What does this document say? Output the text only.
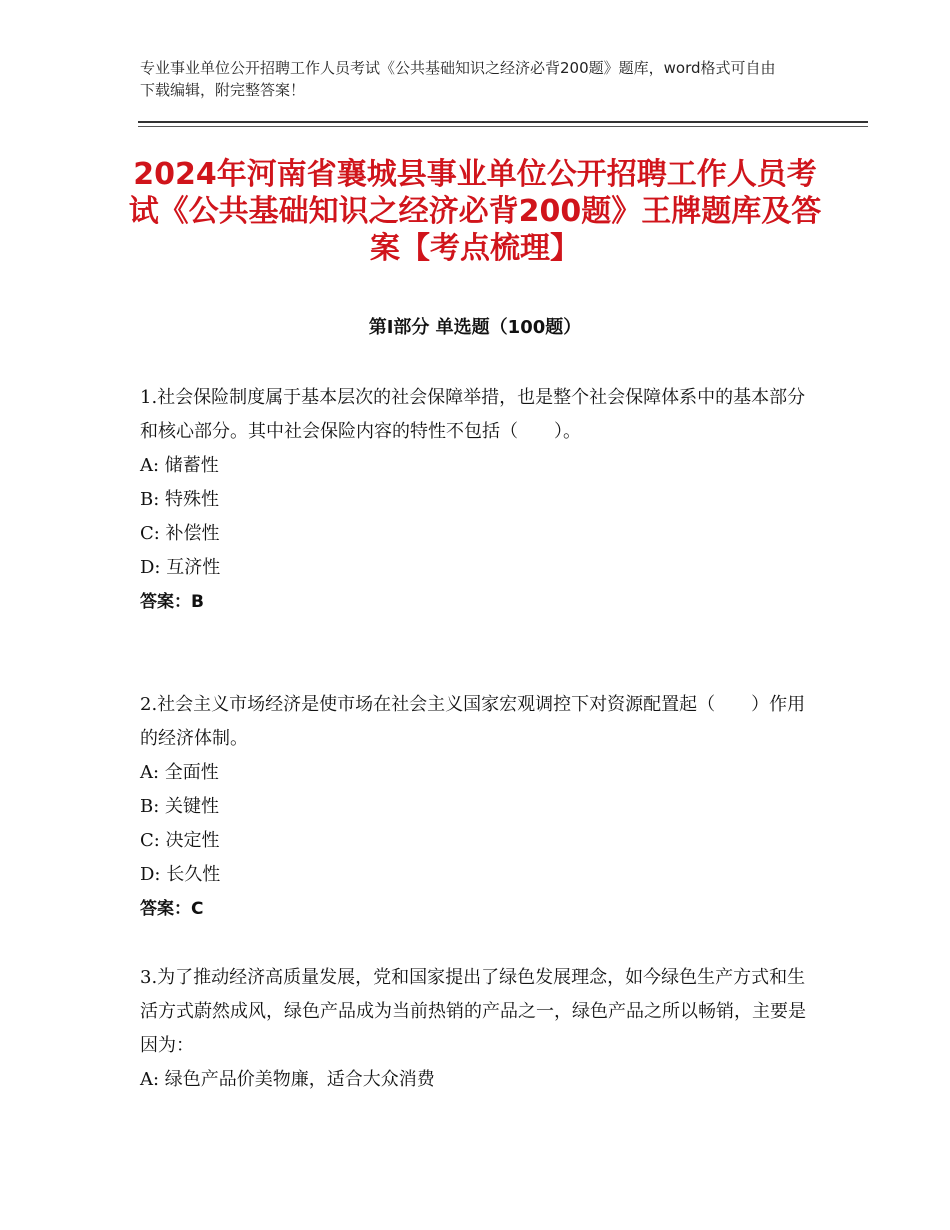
专业事业单位公开招聘工作人员考试《公共基础知识之经济必背200题》题库，word格式可自由下载编辑，附完整答案！
2024年河南省襄城县事业单位公开招聘工作人员考试《公共基础知识之经济必背200题》王牌题库及答案【考点梳理】
第Ⅰ部分 单选题（100题）

1.社会保险制度属于基本层次的社会保障举措，也是整个社会保障体系中的基本部分和核心部分。其中社会保险内容的特性不包括（　　）。

A: 储蓄性

B: 特殊性

C: 补偿性

D: 互济性

答案：B

2.社会主义市场经济是使市场在社会主义国家宏观调控下对资源配置起（　　）作用的经济体制。

A: 全面性

B: 关键性

C: 决定性

D: 长久性

答案：C

3.为了推动经济高质量发展，党和国家提出了绿色发展理念，如今绿色生产方式和生活方式蔚然成风，绿色产品成为当前热销的产品之一，绿色产品之所以畅销，主要是因为：

A: 绿色产品价美物廉，适合大众消费
